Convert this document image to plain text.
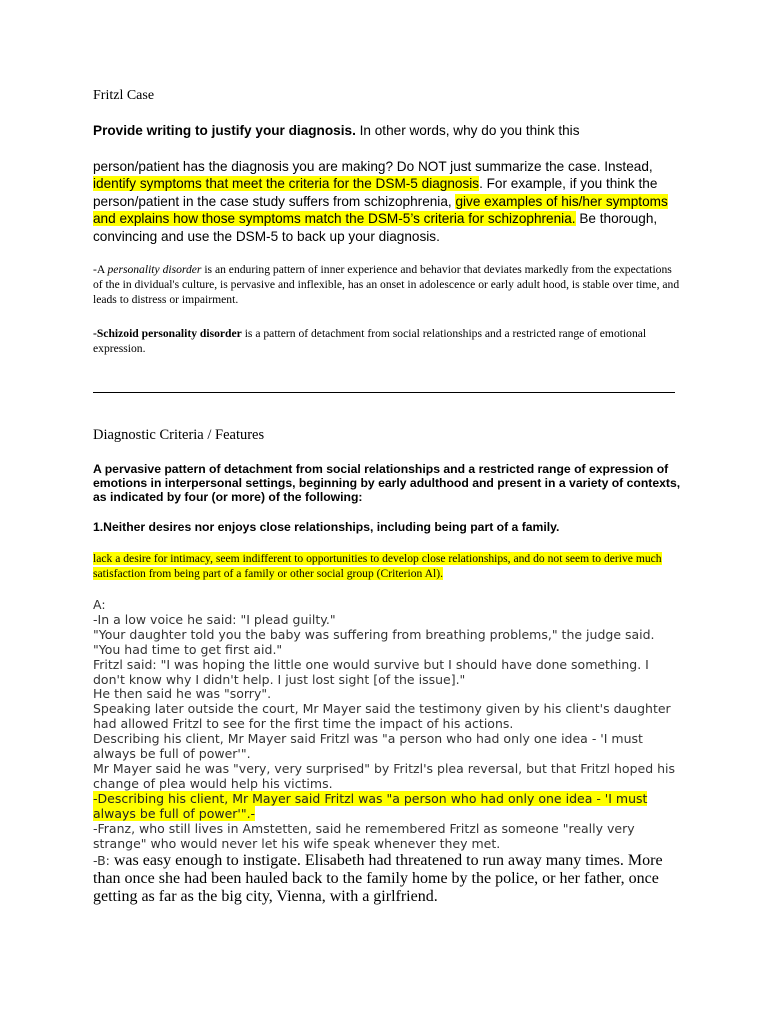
Fritzl Case
Provide writing to justify your diagnosis. In other words, why do you think this
person/patient has the diagnosis you are making? Do NOT just summarize the case. Instead, identify symptoms that meet the criteria for the DSM-5 diagnosis. For example, if you think the person/patient in the case study suffers from schizophrenia, give examples of his/her symptoms and explains how those symptoms match the DSM-5’s criteria for schizophrenia. Be thorough, convincing and use the DSM-5 to back up your diagnosis.
-A personality disorder is an enduring pattern of inner experience and behavior that deviates markedly from the expectations of the in dividual's culture, is pervasive and inflexible, has an onset in adolescence or early adult hood, is stable over time, and leads to distress or impairment.
-Schizoid personality disorder is a pattern of detachment from social relationships and a restricted range of emotional expression.
Diagnostic Criteria / Features
A pervasive pattern of detachment from social relationships and a restricted range of expression of emotions in interpersonal settings, beginning by early adulthood and present in a variety of contexts, as indicated by four (or more) of the following:
1.Neither desires nor enjoys close relationships, including being part of a family.
lack a desire for intimacy, seem indifferent to opportunities to develop close relationships, and do not seem to derive much satisfaction from being part of a family or other social group (Criterion Al).
A:
-In a low voice he said: "I plead guilty."
"Your daughter told you the baby was suffering from breathing problems," the judge said. "You had time to get first aid."
Fritzl said: "I was hoping the little one would survive but I should have done something. I don't know why I didn't help. I just lost sight [of the issue]."
He then said he was "sorry".
Speaking later outside the court, Mr Mayer said the testimony given by his client's daughter had allowed Fritzl to see for the first time the impact of his actions.
Describing his client, Mr Mayer said Fritzl was "a person who had only one idea - 'I must always be full of power'".
Mr Mayer said he was "very, very surprised" by Fritzl's plea reversal, but that Fritzl hoped his change of plea would help his victims.
-Describing his client, Mr Mayer said Fritzl was "a person who had only one idea - 'I must always be full of power'".-
-Franz, who still lives in Amstetten, said he remembered Fritzl as someone "really very strange" who would never let his wife speak whenever they met.
-B: was easy enough to instigate. Elisabeth had threatened to run away many times. More than once she had been hauled back to the family home by the police, or her father, once getting as far as the big city, Vienna, with a girlfriend.
